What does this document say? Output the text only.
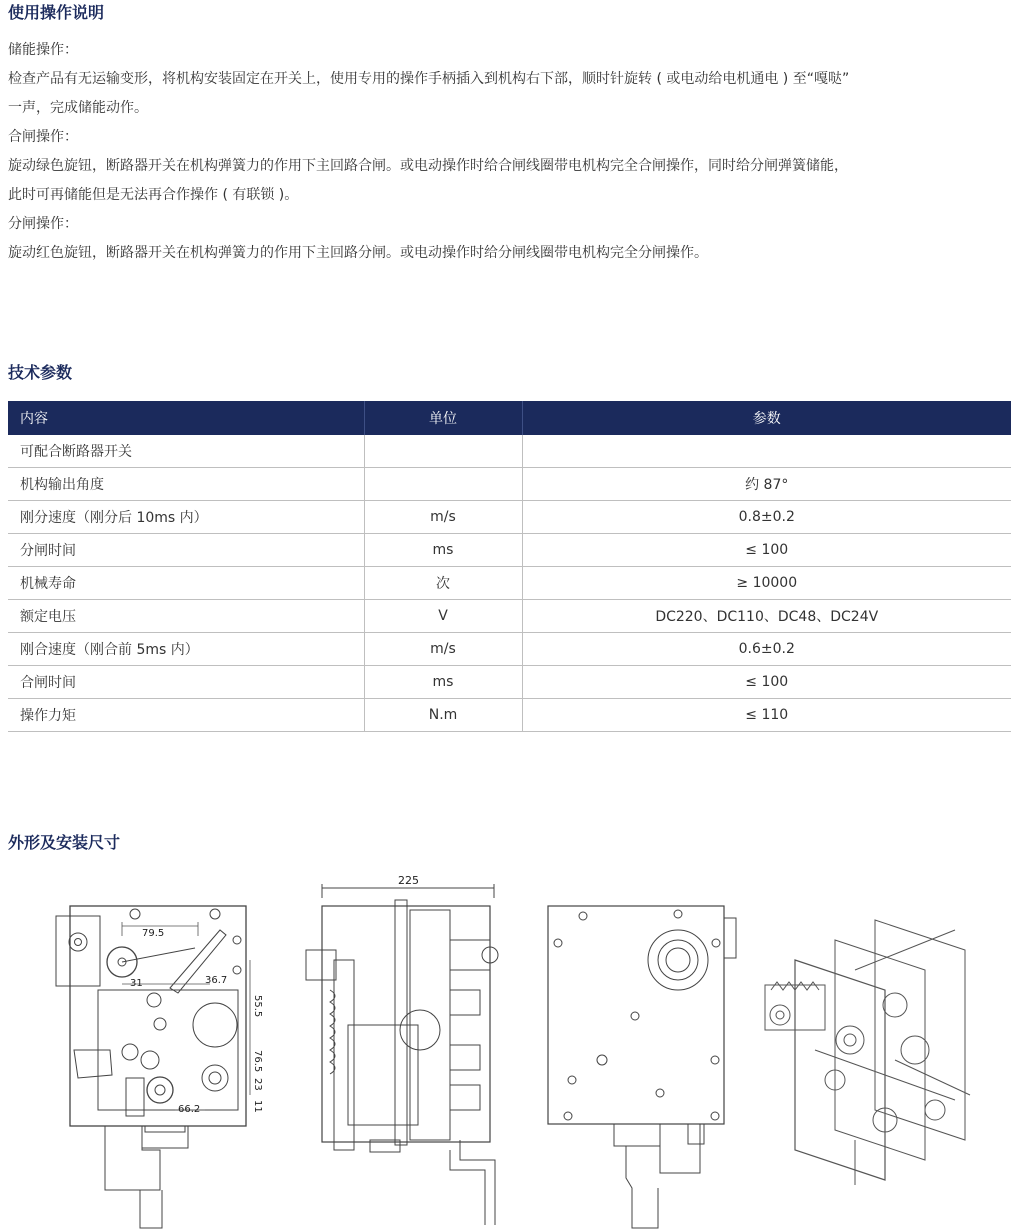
使用操作说明

储能操作：

检查产品有无运输变形，将机构安装固定在开关上，使用专用的操作手柄插入到机构右下部，顺时针旋转 ( 或电动给电机通电 ) 至“嘎哒”

一声，完成储能动作。

合闸操作：

旋动绿色旋钮，断路器开关在机构弹簧力的作用下主回路合闸。或电动操作时给合闸线圈带电机构完全合闸操作，同时给分闸弹簧储能，

此时可再储能但是无法再合作操作 ( 有联锁 )。

分闸操作：

旋动红色旋钮，断路器开关在机构弹簧力的作用下主回路分闸。或电动操作时给分闸线圈带电机构完全分闸操作。

技术参数
内容	单位	参数
可配合断路器开关		
机构输出角度		约 87°
刚分速度（刚分后 10ms 内）	m/s	0.8±0.2
分闸时间	ms	≤ 100
机械寿命	次	≥ 10000
额定电压	V	DC220、DC110、DC48、DC24V
刚合速度（刚合前 5ms 内）	m/s	0.6±0.2
合闸时间	ms	≤ 100
操作力矩	N.m	≤ 110
外形及安装尺寸
79.5
31	36.7
55.5
76.5
23
11
66.2
225
